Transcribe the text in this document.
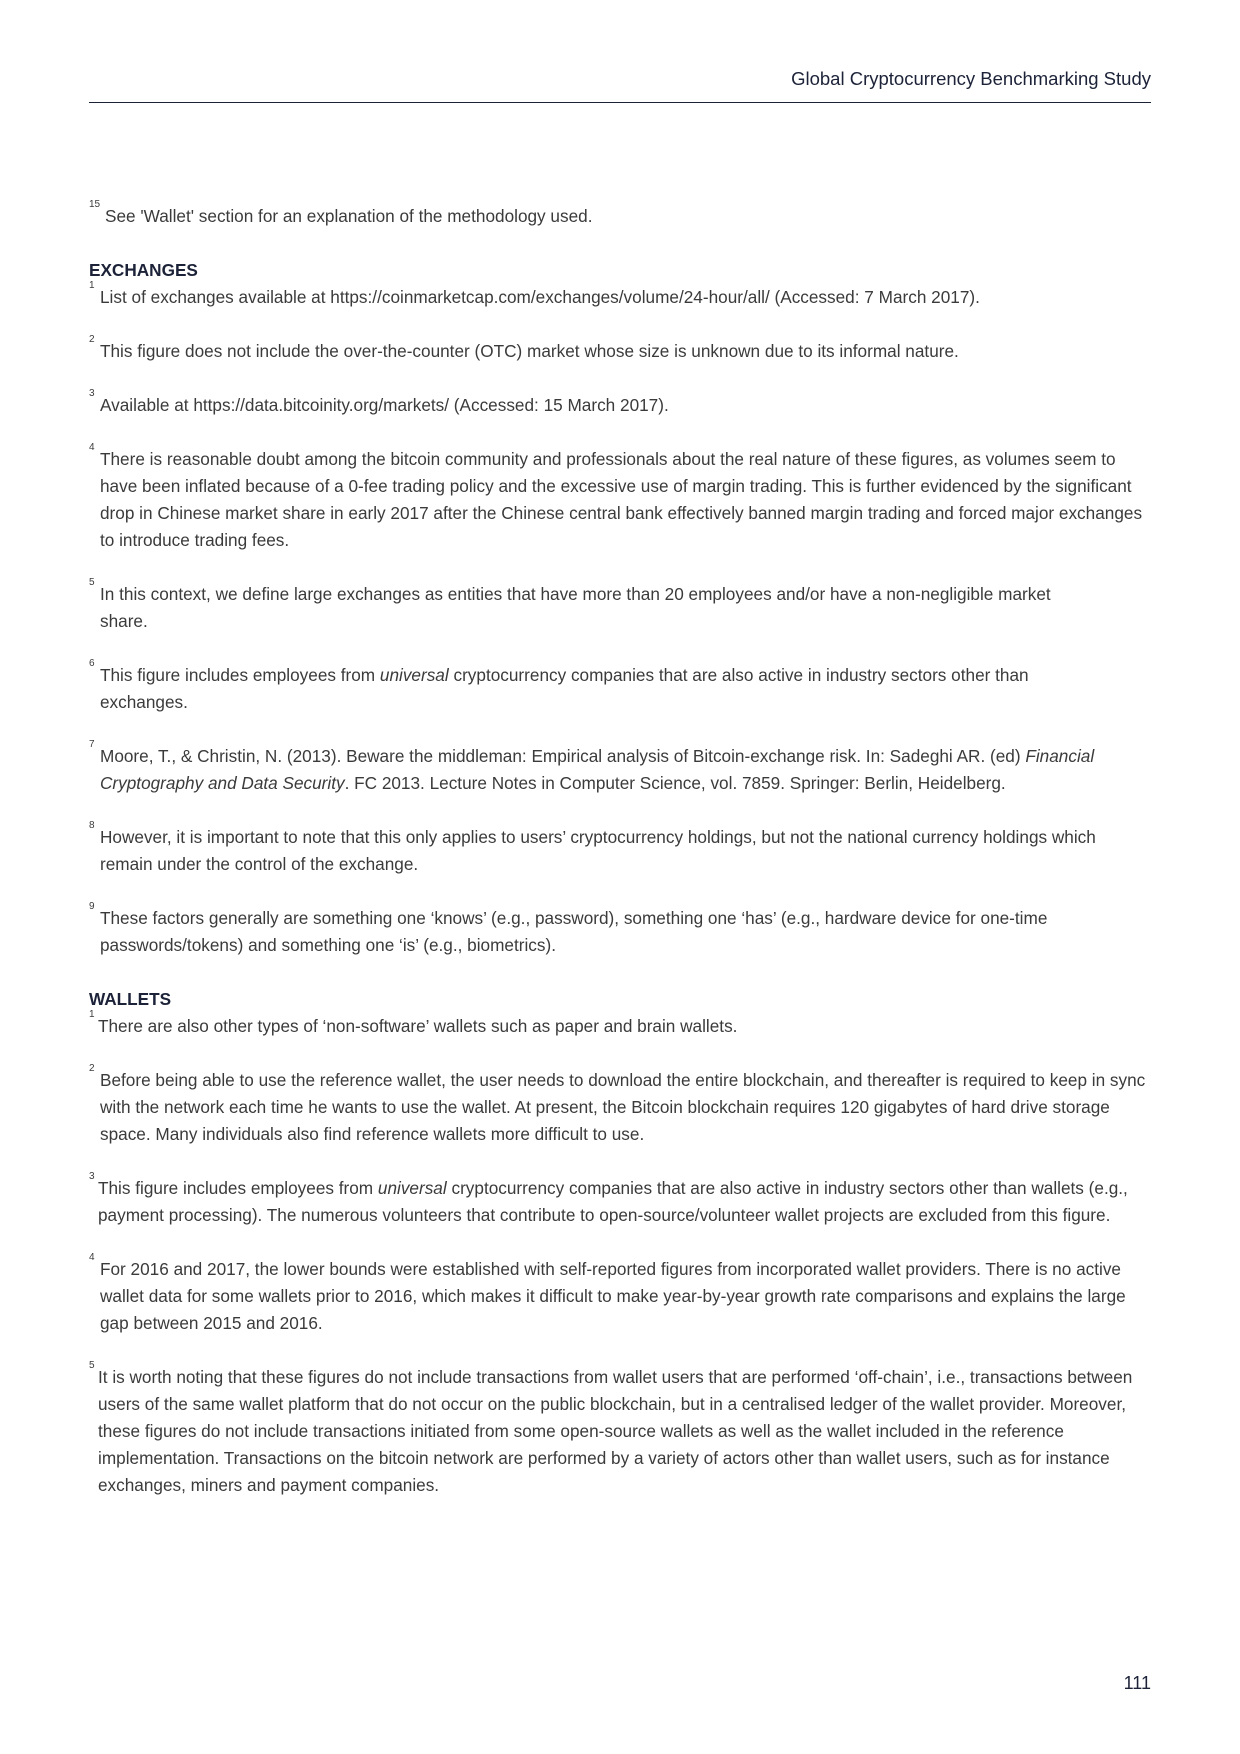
Global Cryptocurrency Benchmarking Study
15
See 'Wallet' section for an explanation of the methodology used.
EXCHANGES
1
List of exchanges available at https://coinmarketcap.com/exchanges/volume/24-hour/all/ (Accessed: 7 March 2017).
2
This figure does not include the over-the-counter (OTC) market whose size is unknown due to its informal nature.
3
Available at https://data.bitcoinity.org/markets/ (Accessed: 15 March 2017).
4
There is reasonable doubt among the bitcoin community and professionals about the real nature of these figures, as volumes seem to have been inflated because of a 0-fee trading policy and the excessive use of margin trading. This is further evidenced by the significant drop in Chinese market share in early 2017 after the Chinese central bank effectively banned margin trading and forced major exchanges to introduce trading fees.
5
In this context, we define large exchanges as entities that have more than 20 employees and/or have a non-negligible market share.
6
This figure includes employees from universal cryptocurrency companies that are also active in industry sectors other than exchanges.
7
Moore, T., & Christin, N. (2013). Beware the middleman: Empirical analysis of Bitcoin-exchange risk. In: Sadeghi AR. (ed) Financial Cryptography and Data Security. FC 2013. Lecture Notes in Computer Science, vol. 7859. Springer: Berlin, Heidelberg.
8
However, it is important to note that this only applies to users’ cryptocurrency holdings, but not the national currency holdings which remain under the control of the exchange.
9
These factors generally are something one ‘knows’ (e.g., password), something one ‘has’ (e.g., hardware device for one-time passwords/tokens) and something one ‘is’ (e.g., biometrics).
WALLETS
1
There are also other types of ‘non-software’ wallets such as paper and brain wallets.
2
Before being able to use the reference wallet, the user needs to download the entire blockchain, and thereafter is required to keep in sync with the network each time he wants to use the wallet. At present, the Bitcoin blockchain requires 120 gigabytes of hard drive storage space. Many individuals also find reference wallets more difficult to use.
3
This figure includes employees from universal cryptocurrency companies that are also active in industry sectors other than wallets (e.g., payment processing). The numerous volunteers that contribute to open-source/volunteer wallet projects are excluded from this figure.
4
For 2016 and 2017, the lower bounds were established with self-reported figures from incorporated wallet providers. There is no active wallet data for some wallets prior to 2016, which makes it difficult to make year-by-year growth rate comparisons and explains the large gap between 2015 and 2016.
5
It is worth noting that these figures do not include transactions from wallet users that are performed ‘off-chain’, i.e., transactions between users of the same wallet platform that do not occur on the public blockchain, but in a centralised ledger of the wallet provider. Moreover, these figures do not include transactions initiated from some open-source wallets as well as the wallet included in the reference implementation. Transactions on the bitcoin network are performed by a variety of actors other than wallet users, such as for instance exchanges, miners and payment companies.
111
